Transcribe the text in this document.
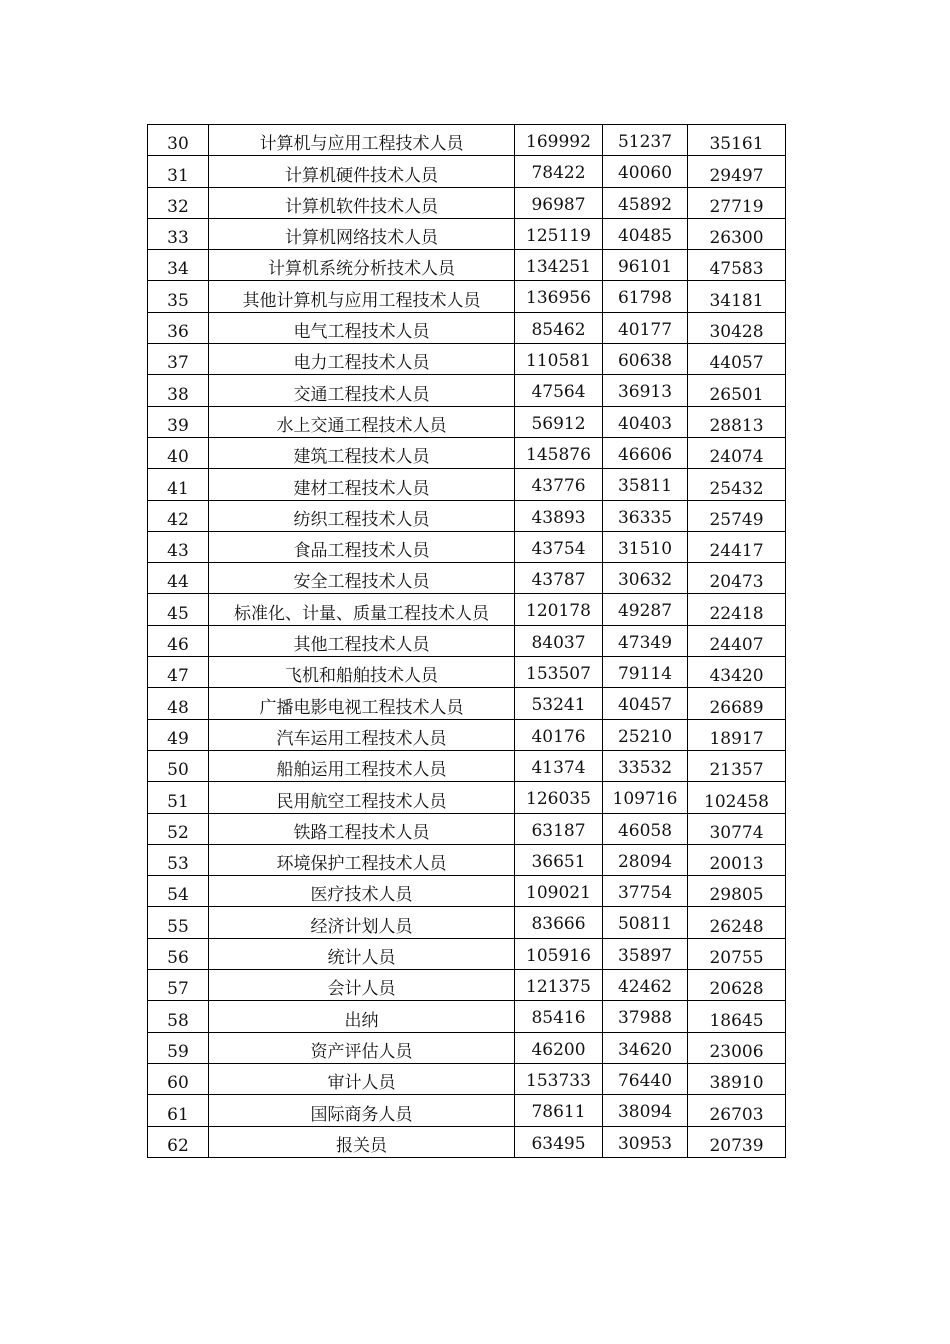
30	计算机与应用工程技术人员	169992	51237	35161
31	计算机硬件技术人员	78422	40060	29497
32	计算机软件技术人员	96987	45892	27719
33	计算机网络技术人员	125119	40485	26300
34	计算机系统分析技术人员	134251	96101	47583
35	其他计算机与应用工程技术人员	136956	61798	34181
36	电气工程技术人员	85462	40177	30428
37	电力工程技术人员	110581	60638	44057
38	交通工程技术人员	47564	36913	26501
39	水上交通工程技术人员	56912	40403	28813
40	建筑工程技术人员	145876	46606	24074
41	建材工程技术人员	43776	35811	25432
42	纺织工程技术人员	43893	36335	25749
43	食品工程技术人员	43754	31510	24417
44	安全工程技术人员	43787	30632	20473
45	标准化、计量、质量工程技术人员	120178	49287	22418
46	其他工程技术人员	84037	47349	24407
47	飞机和船舶技术人员	153507	79114	43420
48	广播电影电视工程技术人员	53241	40457	26689
49	汽车运用工程技术人员	40176	25210	18917
50	船舶运用工程技术人员	41374	33532	21357
51	民用航空工程技术人员	126035	109716	102458
52	铁路工程技术人员	63187	46058	30774
53	环境保护工程技术人员	36651	28094	20013
54	医疗技术人员	109021	37754	29805
55	经济计划人员	83666	50811	26248
56	统计人员	105916	35897	20755
57	会计人员	121375	42462	20628
58	出纳	85416	37988	18645
59	资产评估人员	46200	34620	23006
60	审计人员	153733	76440	38910
61	国际商务人员	78611	38094	26703
62	报关员	63495	30953	20739
